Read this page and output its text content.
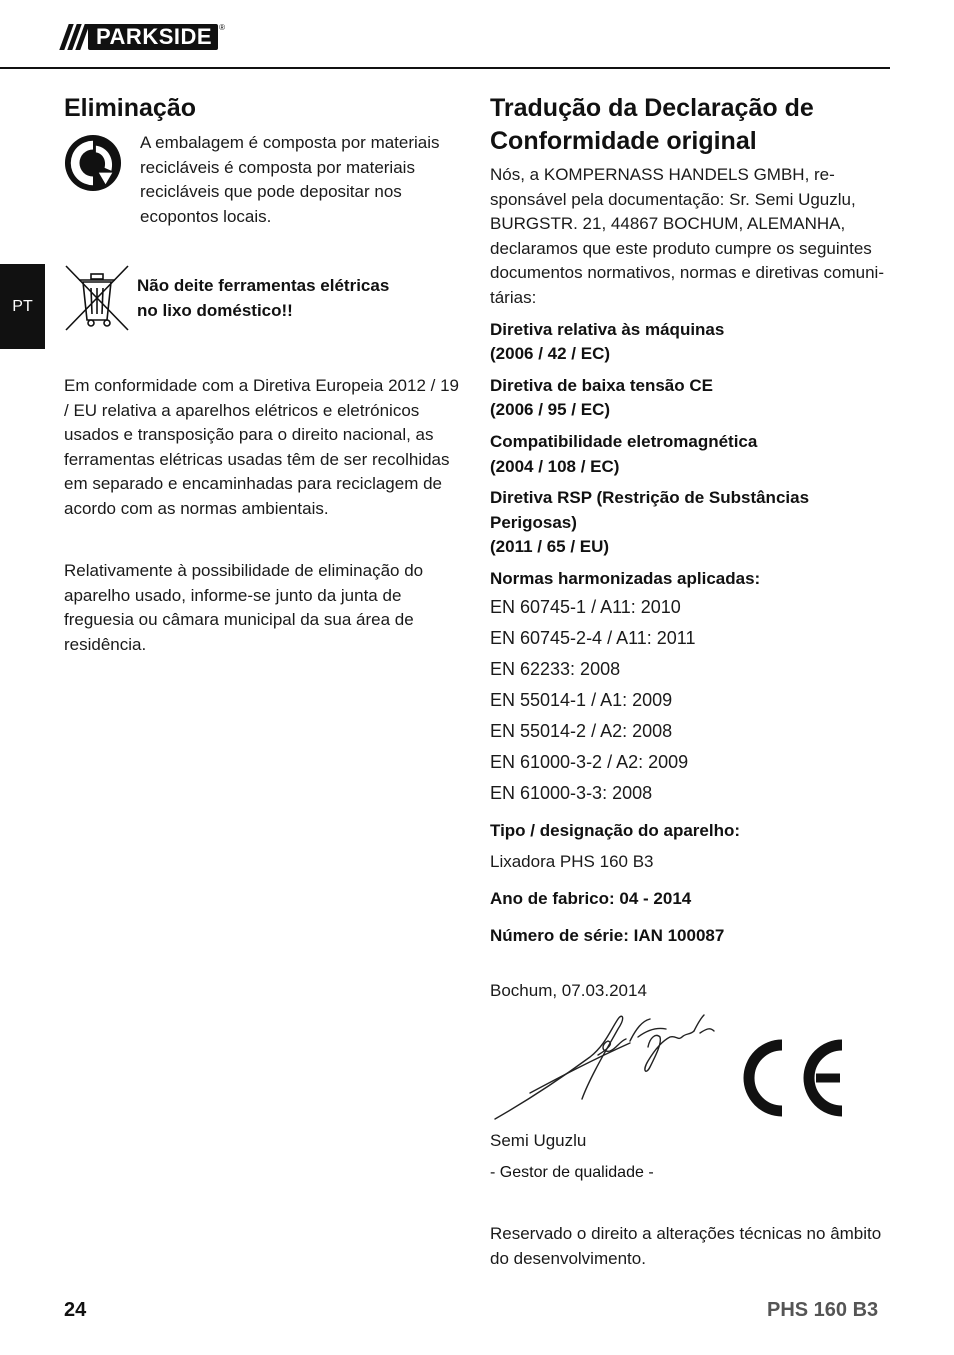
PARKSIDE ®
PT
Eliminação
A embalagem é composta por materiais recicláveis é composta por materiais recicláveis que pode depositar nos ecopontos locais.
Não deite ferramentas elétricas
no lixo doméstico!!
Em conformidade com a Diretiva Europeia 2012 / 19 / EU relativa a aparelhos elétricos e eletrónicos usados e transposição para o direito nacional, as ferramentas elétricas usadas têm de ser recolhidas em separado e encaminhadas para reciclagem de acordo com as normas ambientais.
Relativamente à possibilidade de eliminação do aparelho usado, informe-se junto da junta de freguesia ou câmara municipal da sua área de residência.
Tradução da Declaração de Conformidade original
Nós, a KOMPERNASS HANDELS GMBH, re-sponsável pela documentação: Sr. Semi Uguzlu, BURGSTR. 21, 44867 BOCHUM, ALEMANHA, declaramos que este produto cumpre os seguintes documentos normativos, normas e diretivas comuni-tárias:
Diretiva relativa às máquinas
(2006 / 42 / EC)
Diretiva de baixa tensão CE
(2006 / 95 / EC)
Compatibilidade eletromagnética
(2004 / 108 / EC)
Diretiva RSP (Restrição de Substâncias Perigosas)
(2011 / 65 / EU)
Normas harmonizadas aplicadas:
EN 60745-1 / A11: 2010
EN 60745-2-4 / A11: 2011
EN 62233: 2008
EN 55014-1 / A1: 2009
EN 55014-2 / A2: 2008
EN 61000-3-2 / A2: 2009
EN 61000-3-3: 2008
Tipo / designação do aparelho:
Lixadora PHS 160 B3
Ano de fabrico: 04 - 2014
Número de série: IAN 100087
Bochum, 07.03.2014
Semi Uguzlu
- Gestor de qualidade -
Reservado o direito a alterações técnicas no âmbito do desenvolvimento.
24	PHS 160 B3
